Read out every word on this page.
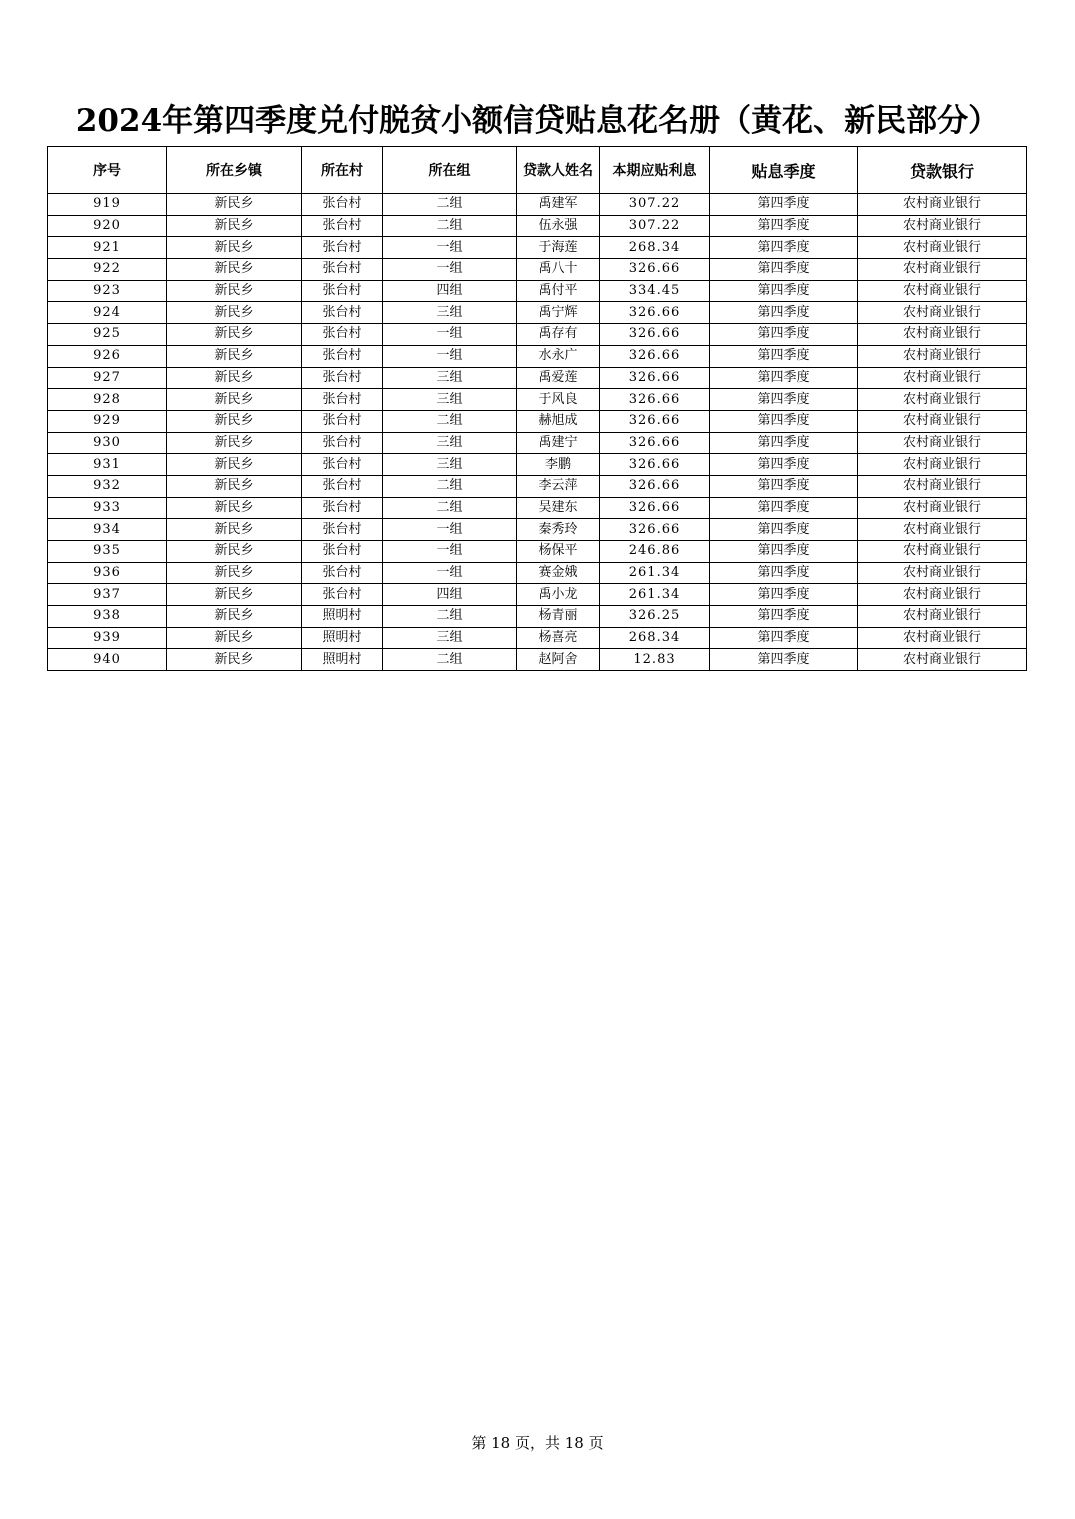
2024年第四季度兑付脱贫小额信贷贴息花名册（黄花、新民部分）
序号	所在乡镇	所在村	所在组	贷款人姓名	本期应贴利息	贴息季度	贷款银行
919	新民乡	张台村	二组	禹建军	307.22	第四季度	农村商业银行
920	新民乡	张台村	二组	伍永强	307.22	第四季度	农村商业银行
921	新民乡	张台村	一组	于海莲	268.34	第四季度	农村商业银行
922	新民乡	张台村	一组	禹八十	326.66	第四季度	农村商业银行
923	新民乡	张台村	四组	禹付平	334.45	第四季度	农村商业银行
924	新民乡	张台村	三组	禹宁辉	326.66	第四季度	农村商业银行
925	新民乡	张台村	一组	禹存有	326.66	第四季度	农村商业银行
926	新民乡	张台村	一组	水永广	326.66	第四季度	农村商业银行
927	新民乡	张台村	三组	禹爱莲	326.66	第四季度	农村商业银行
928	新民乡	张台村	三组	于风良	326.66	第四季度	农村商业银行
929	新民乡	张台村	二组	赫旭成	326.66	第四季度	农村商业银行
930	新民乡	张台村	三组	禹建宁	326.66	第四季度	农村商业银行
931	新民乡	张台村	三组	李鹏	326.66	第四季度	农村商业银行
932	新民乡	张台村	二组	李云萍	326.66	第四季度	农村商业银行
933	新民乡	张台村	二组	吴建东	326.66	第四季度	农村商业银行
934	新民乡	张台村	一组	秦秀玲	326.66	第四季度	农村商业银行
935	新民乡	张台村	一组	杨保平	246.86	第四季度	农村商业银行
936	新民乡	张台村	一组	赛金娥	261.34	第四季度	农村商业银行
937	新民乡	张台村	四组	禹小龙	261.34	第四季度	农村商业银行
938	新民乡	照明村	二组	杨青丽	326.25	第四季度	农村商业银行
939	新民乡	照明村	三组	杨喜亮	268.34	第四季度	农村商业银行
940	新民乡	照明村	二组	赵阿舍	12.83	第四季度	农村商业银行
第 18 页，共 18 页
